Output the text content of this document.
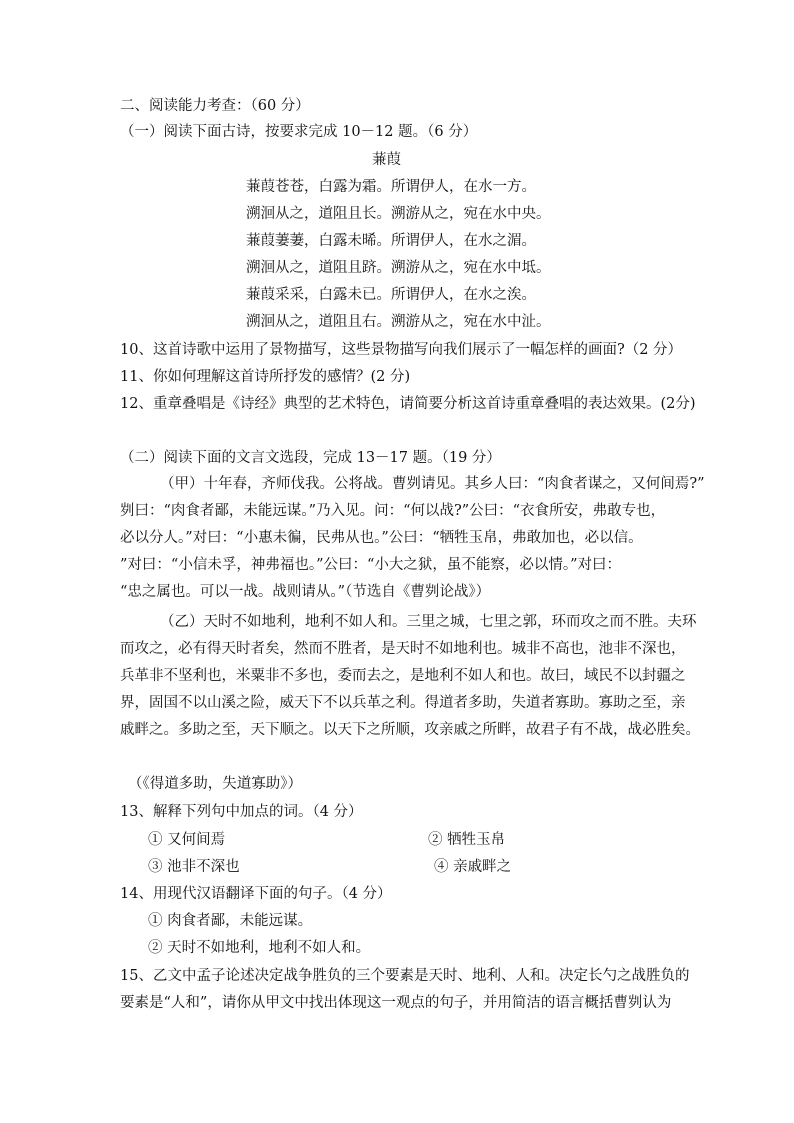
二、阅读能力考查：（60 分）
（一）阅读下面古诗，按要求完成 10－12 题。（6 分）
蒹葭
蒹葭苍苍，白露为霜。所谓伊人，在水一方。
溯洄从之，道阻且长。溯游从之，宛在水中央。
蒹葭萋萋，白露未晞。所谓伊人，在水之湄。
溯洄从之，道阻且跻。溯游从之，宛在水中坻。
蒹葭采采，白露未已。所谓伊人，在水之涘。
溯洄从之，道阻且右。溯游从之，宛在水中沚。
10、这首诗歌中运用了景物描写，这些景物描写向我们展示了一幅怎样的画面?（2 分）
11、你如何理解这首诗所抒发的感情？(2 分)
12、重章叠唱是《诗经》典型的艺术特色，请简要分析这首诗重章叠唱的表达效果。(2分)
（二）阅读下面的文言文选段，完成 13－17 题。（19 分）
（甲）十年春，齐师伐我。公将战。曹刿请见。其乡人曰：“肉食者谋之，又何间焉?”
刿曰：“肉食者鄙，未能远谋。”乃入见。问：“何以战?”公曰：“衣食所安，弗敢专也，
必以分人。”对曰：“小惠未徧，民弗从也。”公曰：“牺牲玉帛，弗敢加也，必以信。
”对曰：“小信未孚，神弗福也。”公曰：“小大之狱，虽不能察，必以情。”对曰：
“忠之属也。可以一战。战则请从。”（节选自《曹刿论战》）
（乙）天时不如地利，地利不如人和。三里之城，七里之郭，环而攻之而不胜。夫环
而攻之，必有得天时者矣，然而不胜者，是天时不如地利也。城非不高也，池非不深也，
兵革非不坚利也，米粟非不多也，委而去之，是地利不如人和也。故曰，域民不以封疆之
界，固国不以山溪之险，威天下不以兵革之利。得道者多助，失道者寡助。寡助之至，亲
戚畔之。多助之至，天下顺之。以天下之所顺，攻亲戚之所畔，故君子有不战，战必胜矣。
（《得道多助，失道寡助》）
13、解释下列句中加点的词。（4 分）
① 又何间焉	② 牺牲玉帛
③ 池非不深也	④ 亲戚畔之
14、用现代汉语翻译下面的句子。（4 分）
① 肉食者鄙，未能远谋。
② 天时不如地利，地利不如人和。
15、乙文中孟子论述决定战争胜负的三个要素是天时、地利、人和。决定长勺之战胜负的
要素是“人和”，请你从甲文中找出体现这一观点的句子，并用简洁的语言概括曹刿认为
